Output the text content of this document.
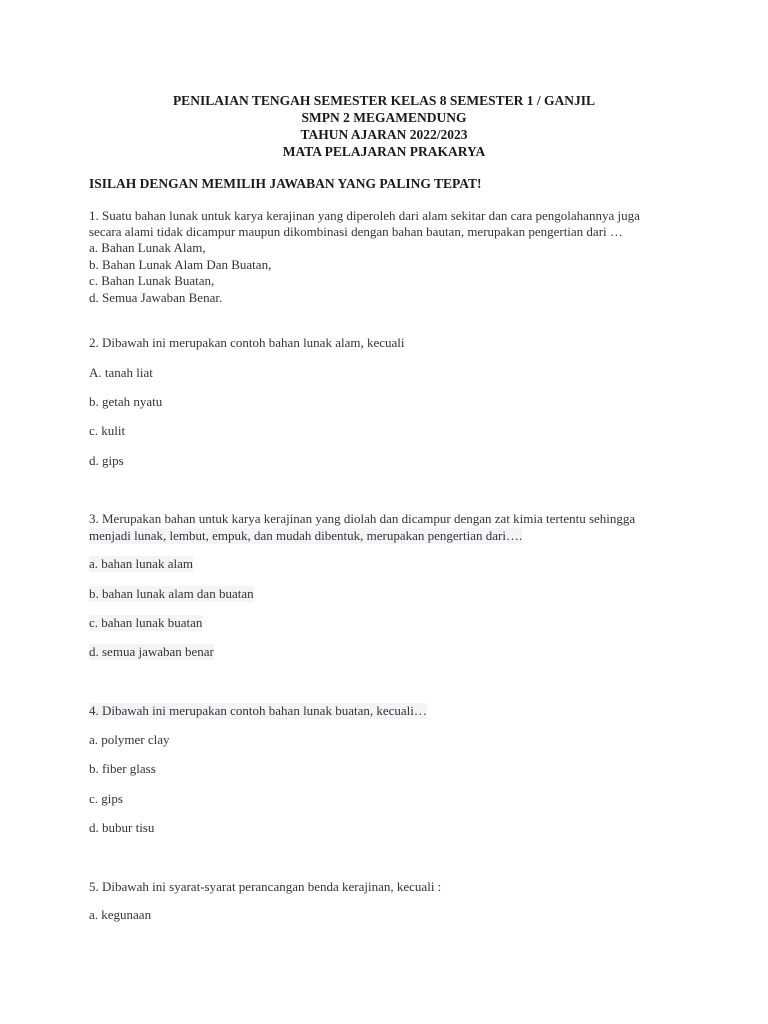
PENILAIAN TENGAH SEMESTER KELAS 8 SEMESTER 1 / GANJIL
SMPN 2 MEGAMENDUNG
TAHUN AJARAN 2022/2023
MATA PELAJARAN PRAKARYA
ISILAH DENGAN MEMILIH JAWABAN YANG PALING TEPAT!
1. Suatu bahan lunak untuk karya kerajinan yang diperoleh dari alam sekitar dan cara pengolahannya juga
secara alami tidak dicampur maupun dikombinasi dengan bahan bautan, merupakan pengertian dari …
a. Bahan Lunak Alam,
b. Bahan Lunak Alam Dan Buatan,
c. Bahan Lunak Buatan,
d. Semua Jawaban Benar.
2. Dibawah ini merupakan contoh bahan lunak alam, kecuali
A. tanah liat
b. getah nyatu
c. kulit
d. gips
3. Merupakan bahan untuk karya kerajinan yang diolah dan dicampur dengan zat kimia tertentu sehingga
menjadi lunak, lembut, empuk, dan mudah dibentuk, merupakan pengertian dari….
a. bahan lunak alam
b. bahan lunak alam dan buatan
c. bahan lunak buatan
d. semua jawaban benar
4. Dibawah ini merupakan contoh bahan lunak buatan, kecuali…
a. polymer clay
b. fiber glass
c. gips
d. bubur tisu
5. Dibawah ini syarat-syarat perancangan benda kerajinan, kecuali :
a. kegunaan
